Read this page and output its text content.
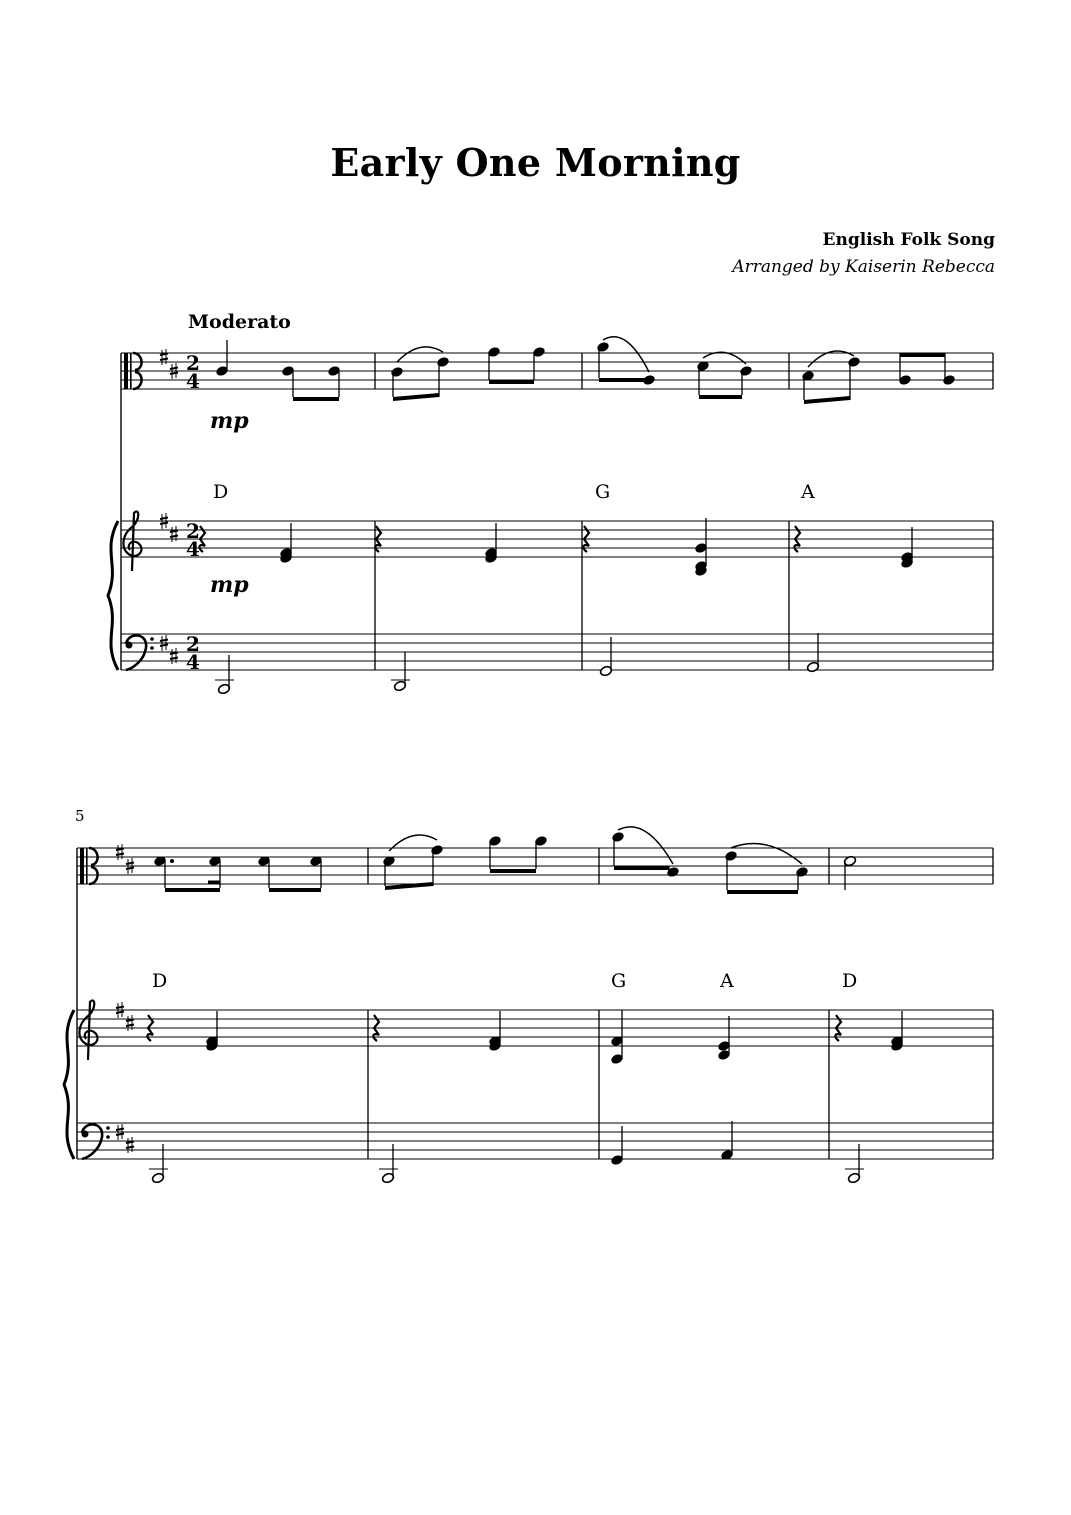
Early One Morning
English Folk Song
Arranged by Kaiserin Rebecca
Moderato
5
D	G	A
D	G	A	D
2
4
2
4
2
4
mp
mp
